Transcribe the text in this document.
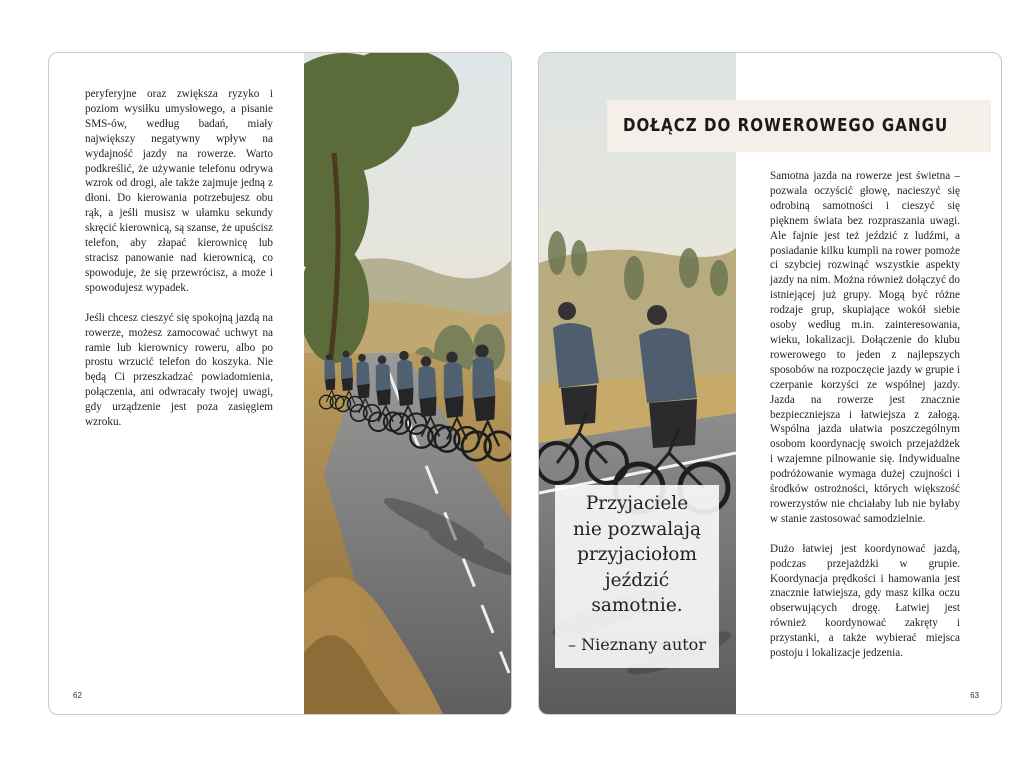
peryferyjne oraz zwiększa ryzyko i poziom wysiłku umysłowego, a pisanie SMS-ów, według badań, miały największy negatywny wpływ na wydajność jazdy na rowerze. Warto podkreślić, że używanie telefonu odrywa wzrok od drogi, ale także zajmuje jedną z dłoni. Do kierowania potrzebujesz obu rąk, a jeśli musisz w ułamku sekundy skręcić kierownicą, są szanse, że upuścisz telefon, aby złapać kierownicę lub stracisz panowanie nad kierownicą, co spowoduje, że się przewrócisz, a może i spowodujesz wypadek.

Jeśli chcesz cieszyć się spokojną jazdą na rowerze, możesz zamocować uchwyt na ramie lub kierownicy roweru, albo po prostu wrzucić telefon do koszyka. Nie będą Ci przeszkadzać powiadomienia, połączenia, ani odwracały twojej uwagi, gdy urządzenie jest poza zasięgiem wzroku.

62
DOŁĄCZ DO ROWEROWEGO GANGU

Samotna jazda na rowerze jest świetna – pozwala oczyścić głowę, nacieszyć się odrobiną samotności i cieszyć się pięknem świata bez rozpraszania uwagi. Ale fajnie jest też jeździć z ludźmi, a posiadanie kilku kumpli na rower pomoże ci szybciej rozwinąć wszystkie aspekty jazdy na nim. Można również dołączyć do istniejącej już grupy. Mogą być różne rodzaje grup, skupiające wokół siebie osoby według m.in. zainteresowania, wieku, lokalizacji. Dołączenie do klubu rowerowego to jeden z najlepszych sposobów na rozpoczęcie jazdy w grupie i czerpanie korzyści ze wspólnej jazdy. Jazda na rowerze jest znacznie bezpieczniejsza i łatwiejsza z załogą. Wspólna jazda ułatwia poszczególnym osobom koordynację swoich przejażdżek i wzajemne pilnowanie się. Indywidualne podróżowanie wymaga dużej czujności i środków ostrożności, których większość rowerzystów nie chciałaby lub nie byłaby w stanie zastosować samodzielnie.

Dużo łatwiej jest koordynować jazdą, podczas przejażdżki w grupie. Koordynacja prędkości i hamowania jest znacznie łatwiejsza, gdy masz kilka oczu obserwujących drogę. Łatwiej jest również koordynować zakręty i przystanki, a także wybierać miejsca postoju i lokalizacje jedzenia.

Przyjaciele
nie pozwalają
przyjaciołom
jeździć
samotnie.
– Nieznany autor
63
